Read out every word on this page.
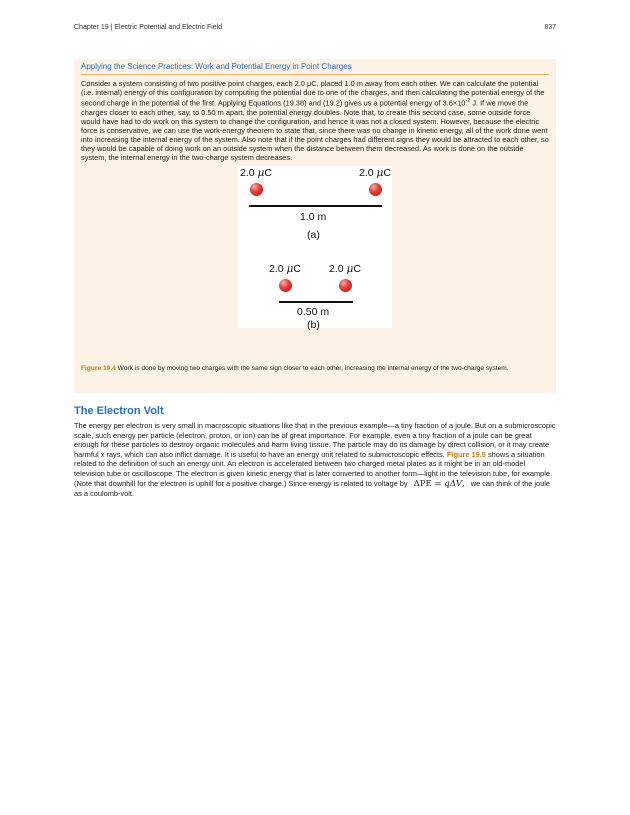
Chapter 19 | Electric Potential and Electric Field	837
Applying the Science Practices: Work and Potential Energy in Point Charges

Consider a system consisting of two positive point charges, each 2.0 μC, placed 1.0 m away from each other. We can calculate the potential (i.e. internal) energy of this configuration by computing the potential due to one of the charges, and then calculating the potential energy of the second charge in the potential of the first. Applying Equations (19.38) and (19.2) gives us a potential energy of $3.6\times 10^{-2}$ J. If we move the charges closer to each other, say, to 0.50 m apart, the potential energy doubles. Note that, to create this second case, some outside force would have had to do work on this system to change the configuration, and hence it was not a closed system. However, because the electric force is conservative, we can use the work-energy theorem to state that, since there was no change in kinetic energy, all of the work done went into increasing the internal energy of the system. Also note that if the point charges had different signs they would be attracted to each other, so they would be capable of doing work on an outside system when the distance between them decreased. As work is done on the outside system, the internal energy in the two-charge system decreases.

2.0 μC	2.0 μC
1.0 m
(a)
2.0 μC	2.0 μC
0.50 m
(b)

Figure 19.4 Work is done by moving two charges with the same sign closer to each other, increasing the internal energy of the two-charge system.

The Electron Volt

The energy per electron is very small in macroscopic situations like that in the previous example—a tiny fraction of a joule. But on a submicroscopic scale, such energy per particle (electron, proton, or ion) can be of great importance. For example, even a tiny fraction of a joule can be great enough for these particles to destroy organic molecules and harm living tissue. The particle may do its damage by direct collision, or it may create harmful x rays, which can also inflict damage. It is useful to have an energy unit related to submicroscopic effects. Figure 19.5 shows a situation related to the definition of such an energy unit. An electron is accelerated between two charged metal plates as it might be in an old-model television tube or oscilloscope. The electron is given kinetic energy that is later converted to another form—light in the television tube, for example. (Note that downhill for the electron is uphill for a positive charge.) Since energy is related to voltage by ΔPE = qΔV, we can think of the joule as a coulomb-volt.
